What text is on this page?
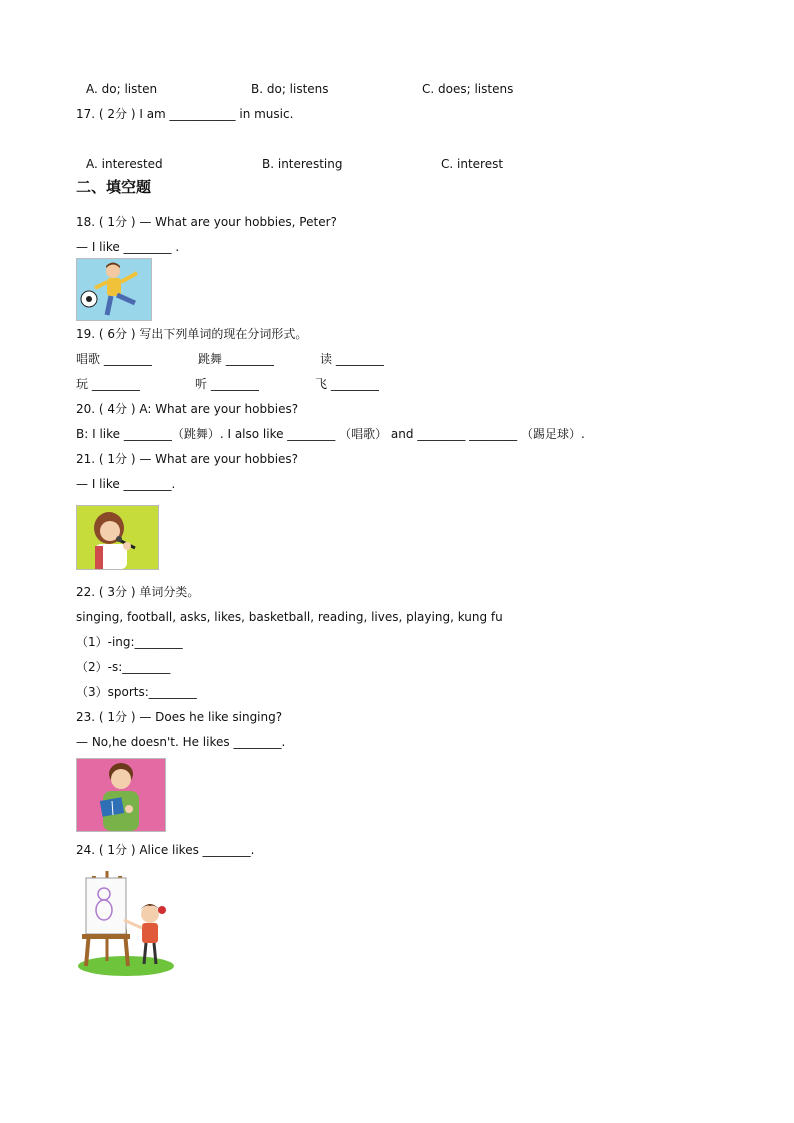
A. do; listen	B. do; listens	C. does; listens
17. ( 2分 ) I am ___________ in music.
A. interested	B. interesting	C. interest
二、填空题
18. ( 1分 ) — What are your hobbies, Peter?
— I like ________ .
19. ( 6分 ) 写出下列单词的现在分词形式。
唱歌 ________	跳舞 ________	读 ________
玩 ________	听 ________	飞 ________
20. ( 4分 ) A: What are your hobbies?
B: I like ________（跳舞）. I also like ________ （唱歌） and ________ ________ （踢足球）.
21. ( 1分 ) — What are your hobbies?
— I like ________.
22. ( 3分 ) 单词分类。
singing, football, asks, likes, basketball, reading, lives, playing, kung fu
（1）-ing:________
（2）-s:________
（3）sports:________
23. ( 1分 ) — Does he like singing?
— No,he doesn't. He likes ________.
24. ( 1分 ) Alice likes ________.
